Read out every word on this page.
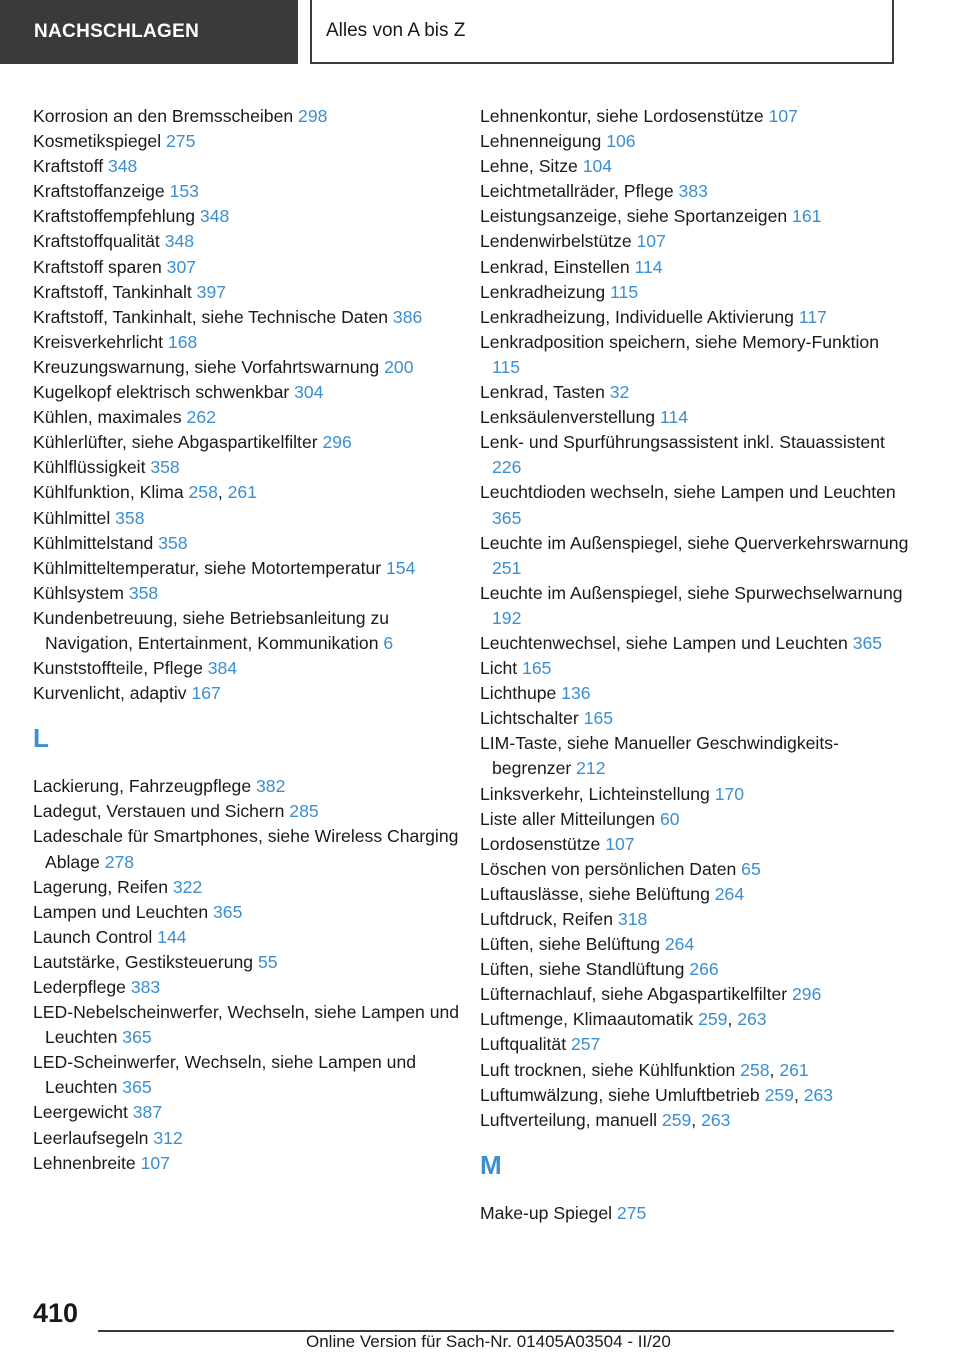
NACHSCHLAGEN	Alles von A bis Z
Korrosion an den Bremsscheiben 298
Kosmetikspiegel 275
Kraftstoff 348
Kraftstoffanzeige 153
Kraftstoffempfehlung 348
Kraftstoffqualität 348
Kraftstoff sparen 307
Kraftstoff, Tankinhalt 397
Kraftstoff, Tankinhalt, siehe Technische Daten 386
Kreisverkehrlicht 168
Kreuzungswarnung, siehe Vorfahrtswarnung 200
Kugelkopf elektrisch schwenkbar 304
Kühlen, maximales 262
Kühlerlüfter, siehe Abgaspartikelfilter 296
Kühlflüssigkeit 358
Kühlfunktion, Klima 258, 261
Kühlmittel 358
Kühlmittelstand 358
Kühlmitteltemperatur, siehe Motortemperatur 154
Kühlsystem 358
Kundenbetreuung, siehe Betriebsanleitung zu Navigation, Entertainment, Kommunikation 6
Kunststoffteile, Pflege 384
Kurvenlicht, adaptiv 167
L
Lackierung, Fahrzeugpflege 382
Ladegut, Verstauen und Sichern 285
Ladeschale für Smartphones, siehe Wireless Charging Ablage 278
Lagerung, Reifen 322
Lampen und Leuchten 365
Launch Control 144
Lautstärke, Gestiksteuerung 55
Lederpflege 383
LED-Nebelscheinwerfer, Wechseln, siehe Lampen und Leuchten 365
LED-Scheinwerfer, Wechseln, siehe Lampen und Leuchten 365
Leergewicht 387
Leerlaufsegeln 312
Lehnenbreite 107
Lehnenkontur, siehe Lordosenstütze 107
Lehnenneigung 106
Lehne, Sitze 104
Leichtmetallräder, Pflege 383
Leistungsanzeige, siehe Sportanzeigen 161
Lendenwirbelstütze 107
Lenkrad, Einstellen 114
Lenkradheizung 115
Lenkradheizung, Individuelle Aktivierung 117
Lenkradposition speichern, siehe Memory-Funktion 115
Lenkrad, Tasten 32
Lenksäulenverstellung 114
Lenk- und Spurführungsassistent inkl. Stauassistent 226
Leuchtdioden wechseln, siehe Lampen und Leuchten 365
Leuchte im Außenspiegel, siehe Querverkehrswarnung 251
Leuchte im Außenspiegel, siehe Spurwechselwarnung 192
Leuchtenwechsel, siehe Lampen und Leuchten 365
Licht 165
Lichthupe 136
Lichtschalter 165
LIM-Taste, siehe Manueller Geschwindigkeitsbegrenzer 212
Linksverkehr, Lichteinstellung 170
Liste aller Mitteilungen 60
Lordosenstütze 107
Löschen von persönlichen Daten 65
Luftauslässe, siehe Belüftung 264
Luftdruck, Reifen 318
Lüften, siehe Belüftung 264
Lüften, siehe Standlüftung 266
Lüfternachlauf, siehe Abgaspartikelfilter 296
Luftmenge, Klimaautomatik 259, 263
Luftqualität 257
Luft trocknen, siehe Kühlfunktion 258, 261
Luftumwälzung, siehe Umluftbetrieb 259, 263
Luftverteilung, manuell 259, 263
M
Make-up Spiegel 275
410
Online Version für Sach-Nr. 01405A03504 - II/20
